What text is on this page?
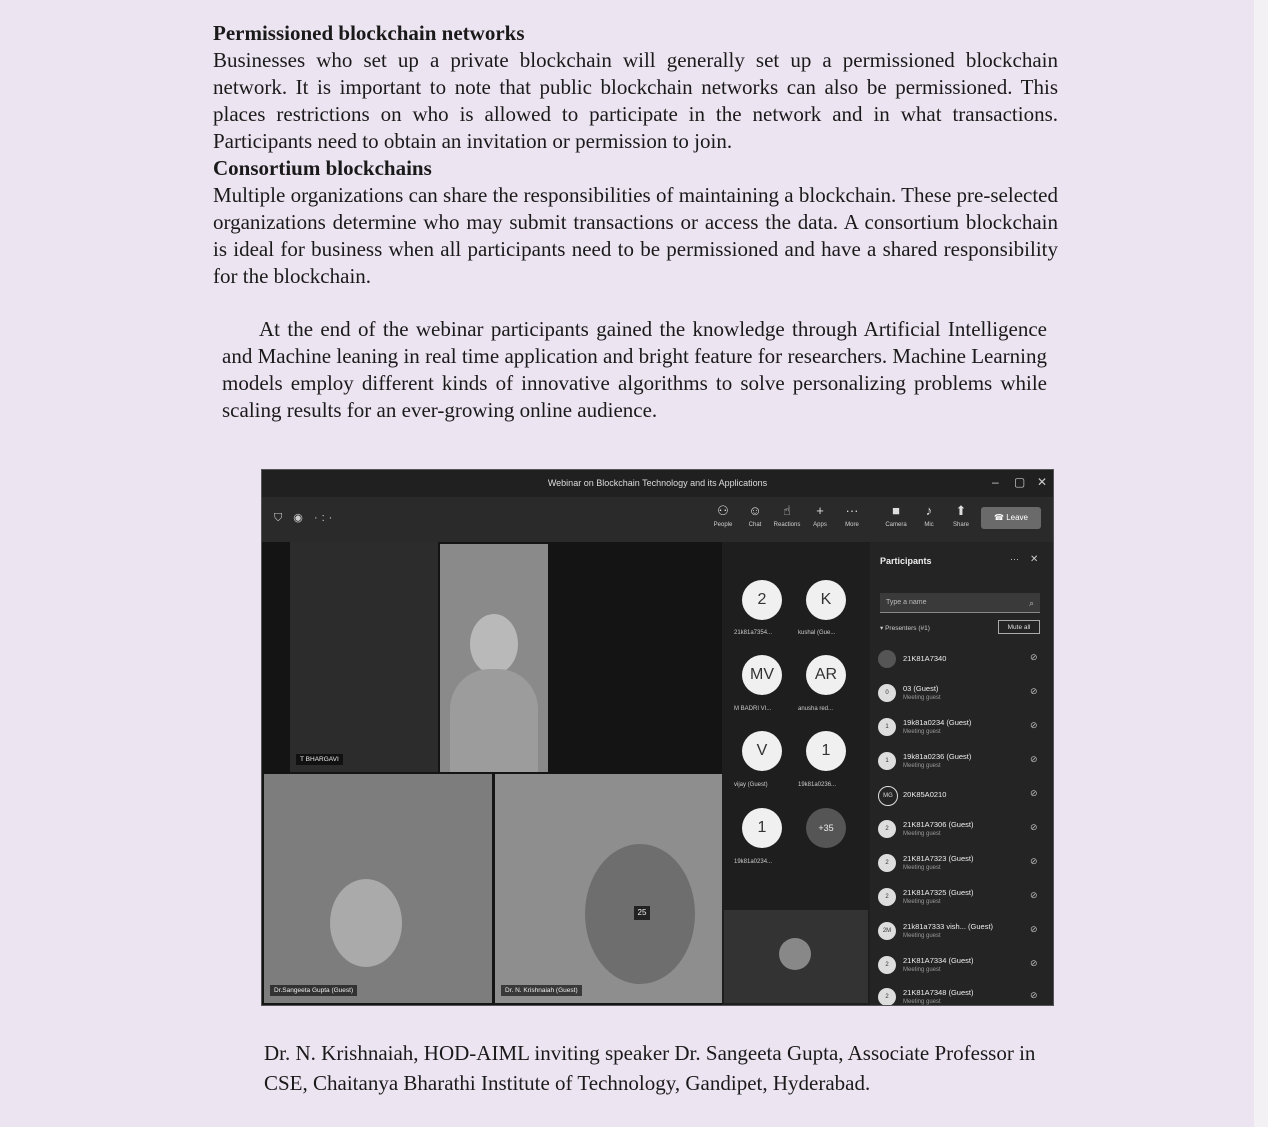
Permissioned blockchain networks
Businesses who set up a private blockchain will generally set up a permissioned blockchain network. It is important to note that public blockchain networks can also be permissioned. This places restrictions on who is allowed to participate in the network and in what transactions. Participants need to obtain an invitation or permission to join.
Consortium blockchains
Multiple organizations can share the responsibilities of maintaining a blockchain. These pre-selected organizations determine who may submit transactions or access the data. A consortium blockchain is ideal for business when all participants need to be permissioned and have a shared responsibility for the blockchain.
At the end of the webinar participants gained the knowledge through Artificial Intelligence and Machine leaning in real time application and bright feature for researchers. Machine Learning models employ different kinds of innovative algorithms to solve personalizing problems while scaling results for an ever-growing online audience.
Webinar on Blockchain Technology and its Applications	– ▢ ✕
⛉ ◉ ·:·	⚇
People
☺
Chat
☝
Reactions
+
Apps
···
More
■
Camera
♪
Mic
⬆
Share
☎ Leave
T BHARGAVI
Dr.Sangeeta Gupta (Guest)
25
Dr. N. Krishnaiah (Guest)
2
21k81a7354...
K
kushal (Gue...
MV
M BADRI VI...
AR
anusha red...
V
vijay (Guest)
1
19k81a0236...
1
19k81a0234...
+35
Participants	··· ✕
Type a name	⌕
▾ Presenters (#1)	Mute all
21K81A7340	⊘
0	03 (Guest)
Meeting guest
⊘
1	19k81a0234 (Guest)
Meeting guest
⊘
1	19k81a0236 (Guest)
Meeting guest
⊘
MG	20K85A0210	⊘
2	21K81A7306 (Guest)
Meeting guest
⊘
2	21K81A7323 (Guest)
Meeting guest
⊘
2	21K81A7325 (Guest)
Meeting guest
⊘
2M	21k81a7333 vish... (Guest)
Meeting guest
⊘
2	21K81A7334 (Guest)
Meeting guest
⊘
2	21K81A7348 (Guest)
Meeting guest
⊘
Dr. N. Krishnaiah, HOD-AIML inviting speaker Dr. Sangeeta Gupta, Associate Professor in CSE, Chaitanya Bharathi Institute of Technology, Gandipet, Hyderabad.
